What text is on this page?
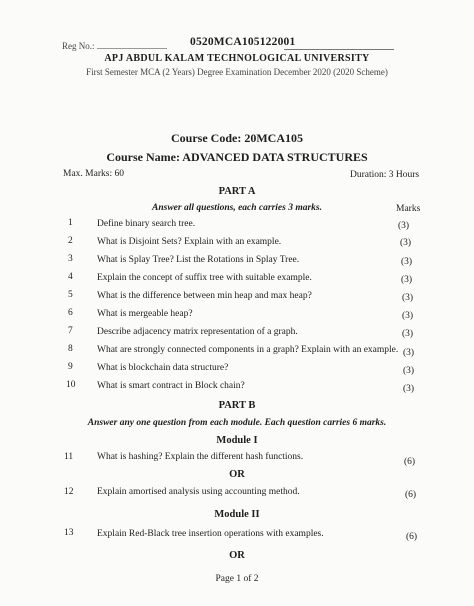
Reg No.:	0520MCA105122001
APJ ABDUL KALAM TECHNOLOGICAL UNIVERSITY
First Semester MCA (2 Years) Degree Examination December 2020 (2020 Scheme)
Course Code: 20MCA105
Course Name: ADVANCED DATA STRUCTURES
Max. Marks: 60	Duration: 3 Hours
PART A
Answer all questions, each carries 3 marks.	Marks
1	Define binary search tree.	(3)
2	What is Disjoint Sets? Explain with an example.	(3)
3	What is Splay Tree? List the Rotations in Splay Tree.	(3)
4	Explain the concept of suffix tree with suitable example.	(3)
5	What is the difference between min heap and max heap?	(3)
6	What is mergeable heap?	(3)
7	Describe adjacency matrix representation of a graph.	(3)
8	What are strongly connected components in a graph? Explain with an example. (3)
9	What is blockchain data structure?	(3)
10 What is smart contract in Block chain?	(3)
PART B
Answer any one question from each module. Each question carries 6 marks.
Module I
11	What is hashing? Explain the different hash functions.	(6)
OR
12 Explain amortised analysis using accounting method.	(6)
Module II
13 Explain Red-Black tree insertion operations with examples.	(6)
OR
Page 1 of 2
